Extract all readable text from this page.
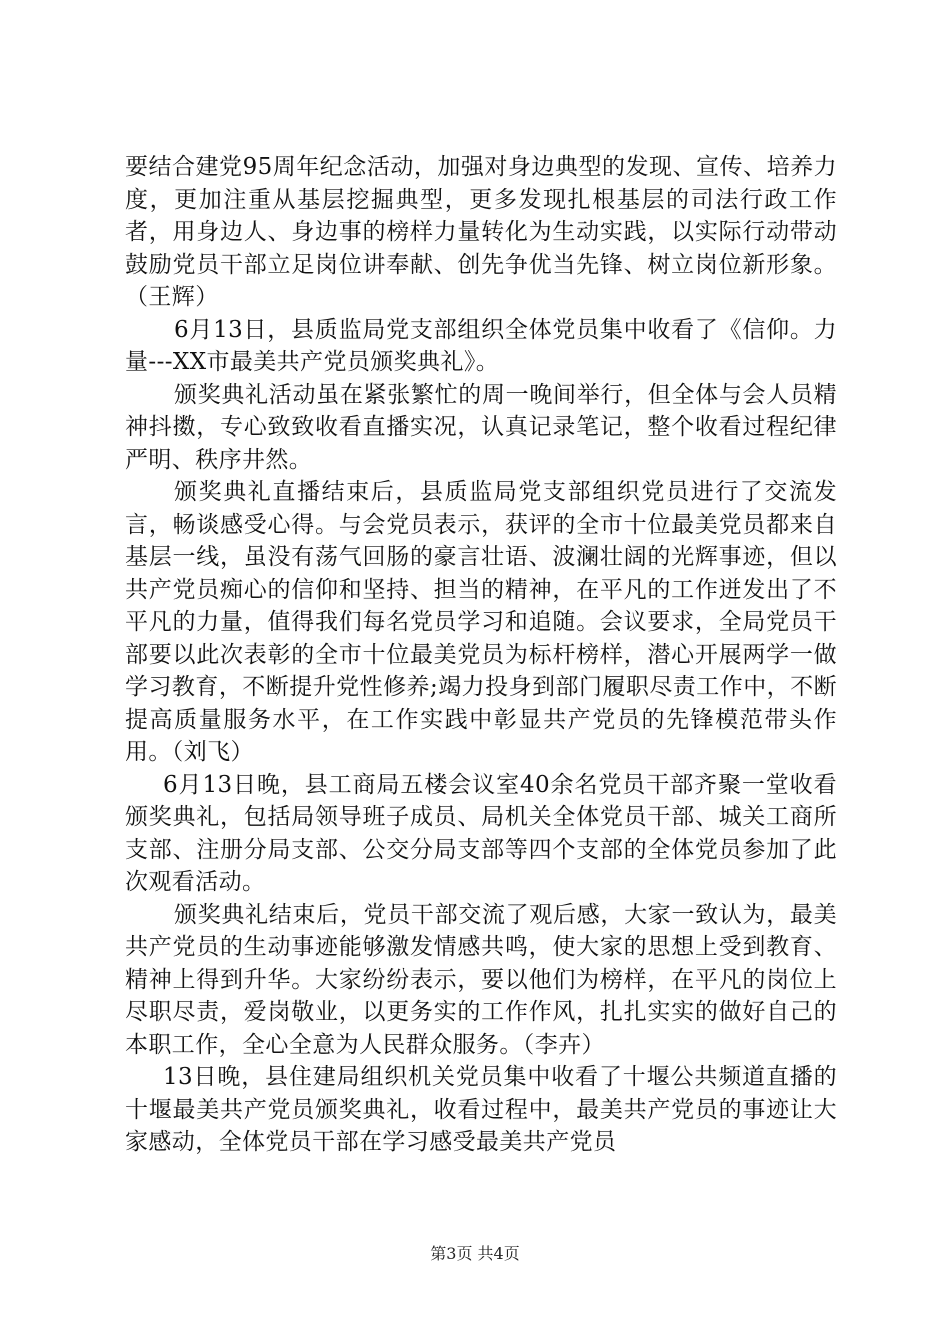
要结合建党95周年纪念活动，加强对身边典型的发现、宣传、培养力度，更加注重从基层挖掘典型，更多发现扎根基层的司法行政工作者，用身边人、身边事的榜样力量转化为生动实践，以实际行动带动鼓励党员干部立足岗位讲奉献、创先争优当先锋、树立岗位新形象。（王辉）

6月13日，县质监局党支部组织全体党员集中收看了《信仰。力量---XX市最美共产党员颁奖典礼》。

颁奖典礼活动虽在紧张繁忙的周一晚间举行，但全体与会人员精神抖擞，专心致致收看直播实况，认真记录笔记，整个收看过程纪律严明、秩序井然。

颁奖典礼直播结束后，县质监局党支部组织党员进行了交流发言，畅谈感受心得。与会党员表示，获评的全市十位最美党员都来自基层一线，虽没有荡气回肠的豪言壮语、波澜壮阔的光辉事迹，但以共产党员痴心的信仰和坚持、担当的精神，在平凡的工作迸发出了不平凡的力量，值得我们每名党员学习和追随。会议要求，全局党员干部要以此次表彰的全市十位最美党员为标杆榜样，潜心开展两学一做学习教育，不断提升党性修养;竭力投身到部门履职尽责工作中，不断提高质量服务水平，在工作实践中彰显共产党员的先锋模范带头作用。（刘飞）

6月13日晚，县工商局五楼会议室40余名党员干部齐聚一堂收看颁奖典礼，包括局领导班子成员、局机关全体党员干部、城关工商所支部、注册分局支部、公交分局支部等四个支部的全体党员参加了此次观看活动。

颁奖典礼结束后，党员干部交流了观后感，大家一致认为，最美共产党员的生动事迹能够激发情感共鸣，使大家的思想上受到教育、精神上得到升华。大家纷纷表示，要以他们为榜样，在平凡的岗位上尽职尽责，爱岗敬业，以更务实的工作作风，扎扎实实的做好自己的本职工作，全心全意为人民群众服务。（李卉）

13日晚，县住建局组织机关党员集中收看了十堰公共频道直播的十堰最美共产党员颁奖典礼，收看过程中，最美共产党员的事迹让大家感动，全体党员干部在学习感受最美共产党员

第3页 共4页
